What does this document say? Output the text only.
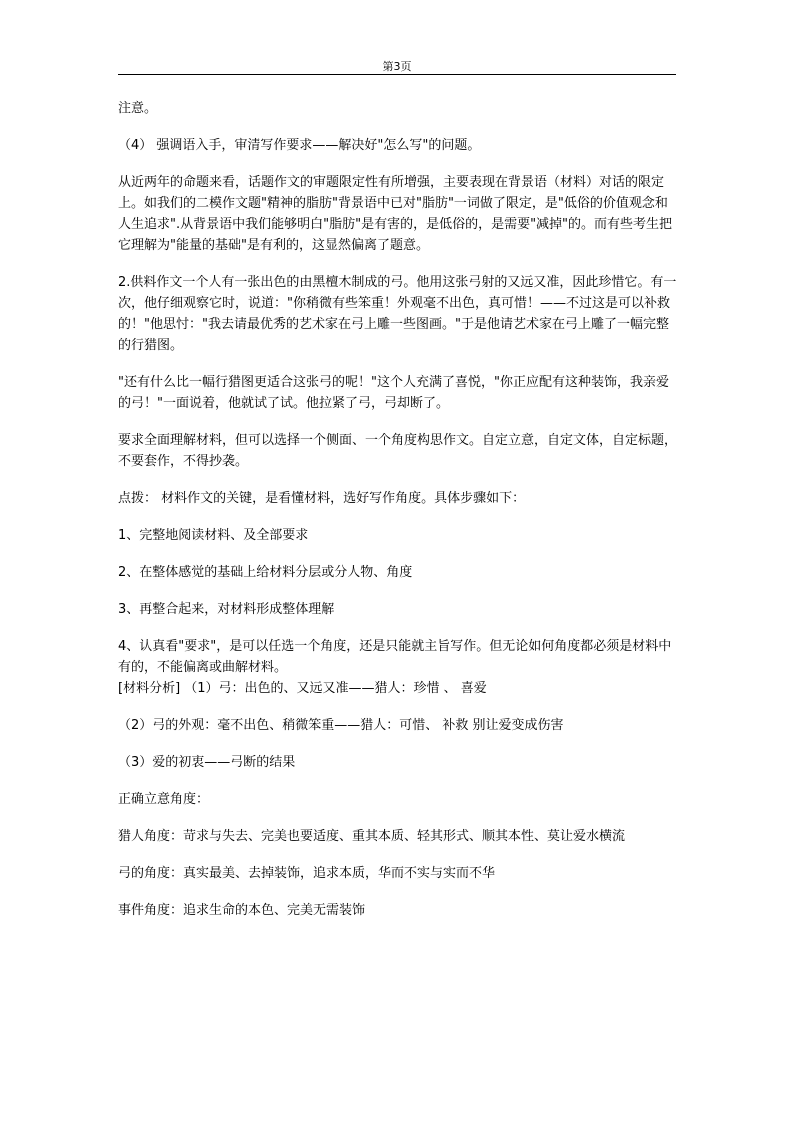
第3页

注意。

（4） 强调语入手，审清写作要求——解决好"怎么写"的问题。

从近两年的命题来看，话题作文的审题限定性有所增强，主要表现在背景语（材料）对话的限定上。如我们的二模作文题"精神的脂肪"背景语中已对"脂肪"一词做了限定，是"低俗的价值观念和人生追求".从背景语中我们能够明白"脂肪"是有害的，是低俗的，是需要"减掉"的。而有些考生把它理解为"能量的基础"是有利的，这显然偏离了题意。

2.供料作文一个人有一张出色的由黑檀木制成的弓。他用这张弓射的又远又准，因此珍惜它。有一次，他仔细观察它时，说道："你稍微有些笨重！外观毫不出色，真可惜！——不过这是可以补救的！"他思忖："我去请最优秀的艺术家在弓上雕一些图画。"于是他请艺术家在弓上雕了一幅完整的行猎图。

"还有什么比一幅行猎图更适合这张弓的呢！"这个人充满了喜悦，"你正应配有这种装饰，我亲爱的弓！"一面说着，他就试了试。他拉紧了弓，弓却断了。

要求全面理解材料，但可以选择一个侧面、一个角度构思作文。自定立意，自定文体，自定标题，不要套作，不得抄袭。

点拨： 材料作文的关键，是看懂材料，选好写作角度。具体步骤如下：

1、完整地阅读材料、及全部要求

2、在整体感觉的基础上给材料分层或分人物、角度

3、再整合起来，对材料形成整体理解

4、认真看"要求"，是可以任选一个角度，还是只能就主旨写作。但无论如何角度都必须是材料中有的，不能偏离或曲解材料。

[材料分析] （1）弓：出色的、又远又准——猎人：珍惜 、 喜爱

（2）弓的外观：毫不出色、稍微笨重——猎人：可惜、 补救 别让爱变成伤害

（3）爱的初衷——弓断的结果

正确立意角度：

猎人角度：苛求与失去、完美也要适度、重其本质、轻其形式、顺其本性、莫让爱水横流

弓的角度：真实最美、去掉装饰，追求本质，华而不实与实而不华

事件角度：追求生命的本色、完美无需装饰
